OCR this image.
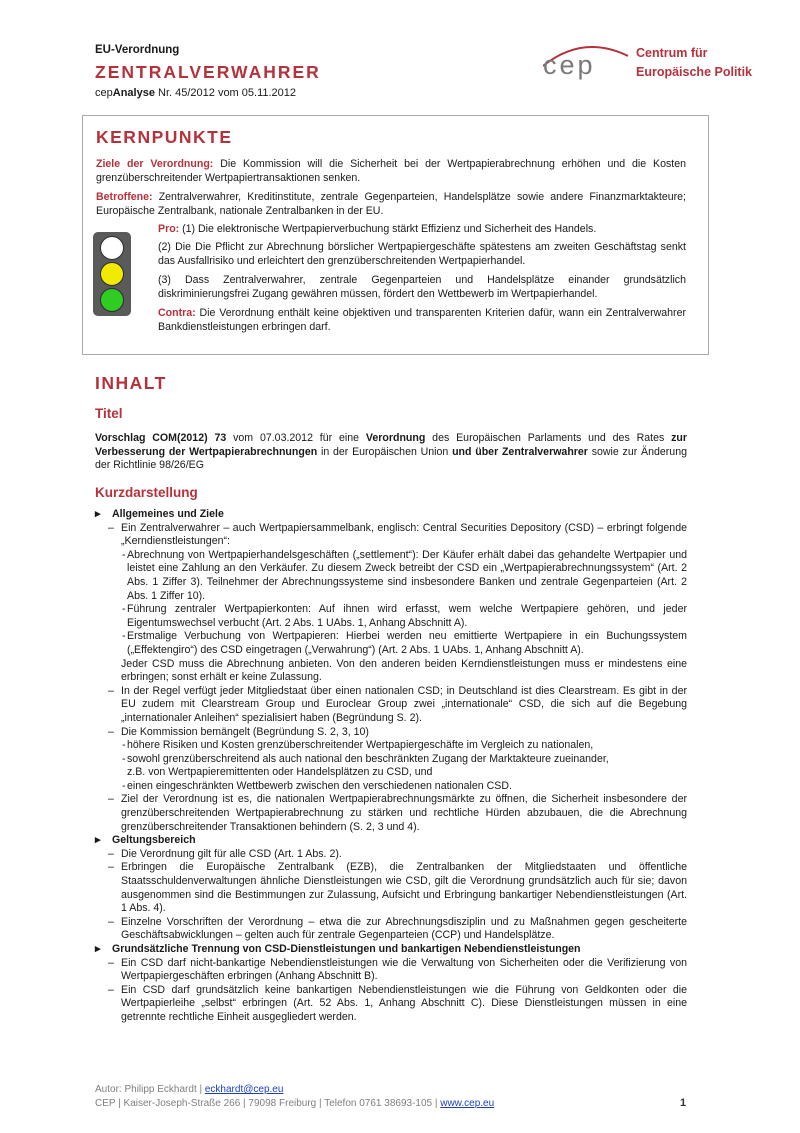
EU-Verordnung
ZENTRALVERWAHRER
cepAnalyse Nr. 45/2012 vom 05.11.2012
cep	Centrum für
Europäische Politik
KERNPUNKTE
Ziele der Verordnung: Die Kommission will die Sicherheit bei der Wertpapierabrechnung erhöhen und die Kosten grenzüberschreitender Wertpapiertransaktionen senken.
Betroffene: Zentralverwahrer, Kreditinstitute, zentrale Gegenparteien, Handelsplätze sowie andere Finanzmarktakteure; Europäische Zentralbank, nationale Zentralbanken in der EU.
Pro: (1) Die elektronische Wertpapierverbuchung stärkt Effizienz und Sicherheit des Handels.
(2) Die Die Pflicht zur Abrechnung börslicher Wertpapiergeschäfte spätestens am zweiten Geschäftstag senkt das Ausfallrisiko und erleichtert den grenzüberschreitenden Wertpapierhandel.
(3) Dass Zentralverwahrer, zentrale Gegenparteien und Handelsplätze einander grundsätzlich diskriminierungsfrei Zugang gewähren müssen, fördert den Wettbewerb im Wertpapierhandel.
Contra: Die Verordnung enthält keine objektiven und transparenten Kriterien dafür, wann ein Zentralverwahrer Bankdienstleistungen erbringen darf.
INHALT
Titel
Vorschlag COM(2012) 73 vom 07.03.2012 für eine Verordnung des Europäischen Parlaments und des Rates zur Verbesserung der Wertpapierabrechnungen in der Europäischen Union und über Zentralverwahrer sowie zur Änderung der Richtlinie 98/26/EG
Kurzdarstellung
▸ Allgemeines und Ziele
– Ein Zentralverwahrer – auch Wertpapiersammelbank, englisch: Central Securities Depository (CSD) – erbringt folgende „Kerndienstleistungen“:
- Abrechnung von Wertpapierhandelsgeschäften („settlement“): Der Käufer erhält dabei das gehandelte Wertpapier und leistet eine Zahlung an den Verkäufer. Zu diesem Zweck betreibt der CSD ein „Wertpapierabrechnungssystem“ (Art. 2 Abs. 1 Ziffer 3). Teilnehmer der Abrechnungssysteme sind insbesondere Banken und zentrale Gegenparteien (Art. 2 Abs. 1 Ziffer 10).
- Führung zentraler Wertpapierkonten: Auf ihnen wird erfasst, wem welche Wertpapiere gehören, und jeder Eigentumswechsel verbucht (Art. 2 Abs. 1 UAbs. 1, Anhang Abschnitt A).
- Erstmalige Verbuchung von Wertpapieren: Hierbei werden neu emittierte Wertpapiere in ein Buchungssystem („Effektengiro“) des CSD eingetragen („Verwahrung“) (Art. 2 Abs. 1 UAbs. 1, Anhang Abschnitt A).
Jeder CSD muss die Abrechnung anbieten. Von den anderen beiden Kerndienstleistungen muss er mindestens eine erbringen; sonst erhält er keine Zulassung.
– In der Regel verfügt jeder Mitgliedstaat über einen nationalen CSD; in Deutschland ist dies Clearstream. Es gibt in der EU zudem mit Clearstream Group und Euroclear Group zwei „internationale“ CSD, die sich auf die Begebung „internationaler Anleihen“ spezialisiert haben (Begründung S. 2).
– Die Kommission bemängelt (Begründung S. 2, 3, 10)
- höhere Risiken und Kosten grenzüberschreitender Wertpapiergeschäfte im Vergleich zu nationalen,
- sowohl grenzüberschreitend als auch national den beschränkten Zugang der Marktakteure zueinander,
z.B. von Wertpapieremittenten oder Handelsplätzen zu CSD, und
- einen eingeschränkten Wettbewerb zwischen den verschiedenen nationalen CSD.
– Ziel der Verordnung ist es, die nationalen Wertpapierabrechnungsmärkte zu öffnen, die Sicherheit insbesondere der grenzüberschreitenden Wertpapierabrechnung zu stärken und rechtliche Hürden abzubauen, die die Abrechnung grenzüberschreitender Transaktionen behindern (S. 2, 3 und 4).
▸ Geltungsbereich
– Die Verordnung gilt für alle CSD (Art. 1 Abs. 2).
– Erbringen die Europäische Zentralbank (EZB), die Zentralbanken der Mitgliedstaaten und öffentliche Staatsschuldenverwaltungen ähnliche Dienstleistungen wie CSD, gilt die Verordnung grundsätzlich auch für sie; davon ausgenommen sind die Bestimmungen zur Zulassung, Aufsicht und Erbringung bankartiger Nebendienstleistungen (Art. 1 Abs. 4).
– Einzelne Vorschriften der Verordnung – etwa die zur Abrechnungsdisziplin und zu Maßnahmen gegen gescheiterte Geschäftsabwicklungen – gelten auch für zentrale Gegenparteien (CCP) und Handelsplätze.
▸ Grundsätzliche Trennung von CSD-Dienstleistungen und bankartigen Nebendienstleistungen
– Ein CSD darf nicht-bankartige Nebendienstleistungen wie die Verwaltung von Sicherheiten oder die Verifizierung von Wertpapiergeschäften erbringen (Anhang Abschnitt B).
– Ein CSD darf grundsätzlich keine bankartigen Nebendienstleistungen wie die Führung von Geldkonten oder die Wertpapierleihe „selbst“ erbringen (Art. 52 Abs. 1, Anhang Abschnitt C). Diese Dienstleistungen müssen in eine getrennte rechtliche Einheit ausgegliedert werden.
Autor: Philipp Eckhardt | eckhardt@cep.eu
CEP | Kaiser-Joseph-Straße 266 | 79098 Freiburg | Telefon 0761 38693-105 | www.cep.eu	1
